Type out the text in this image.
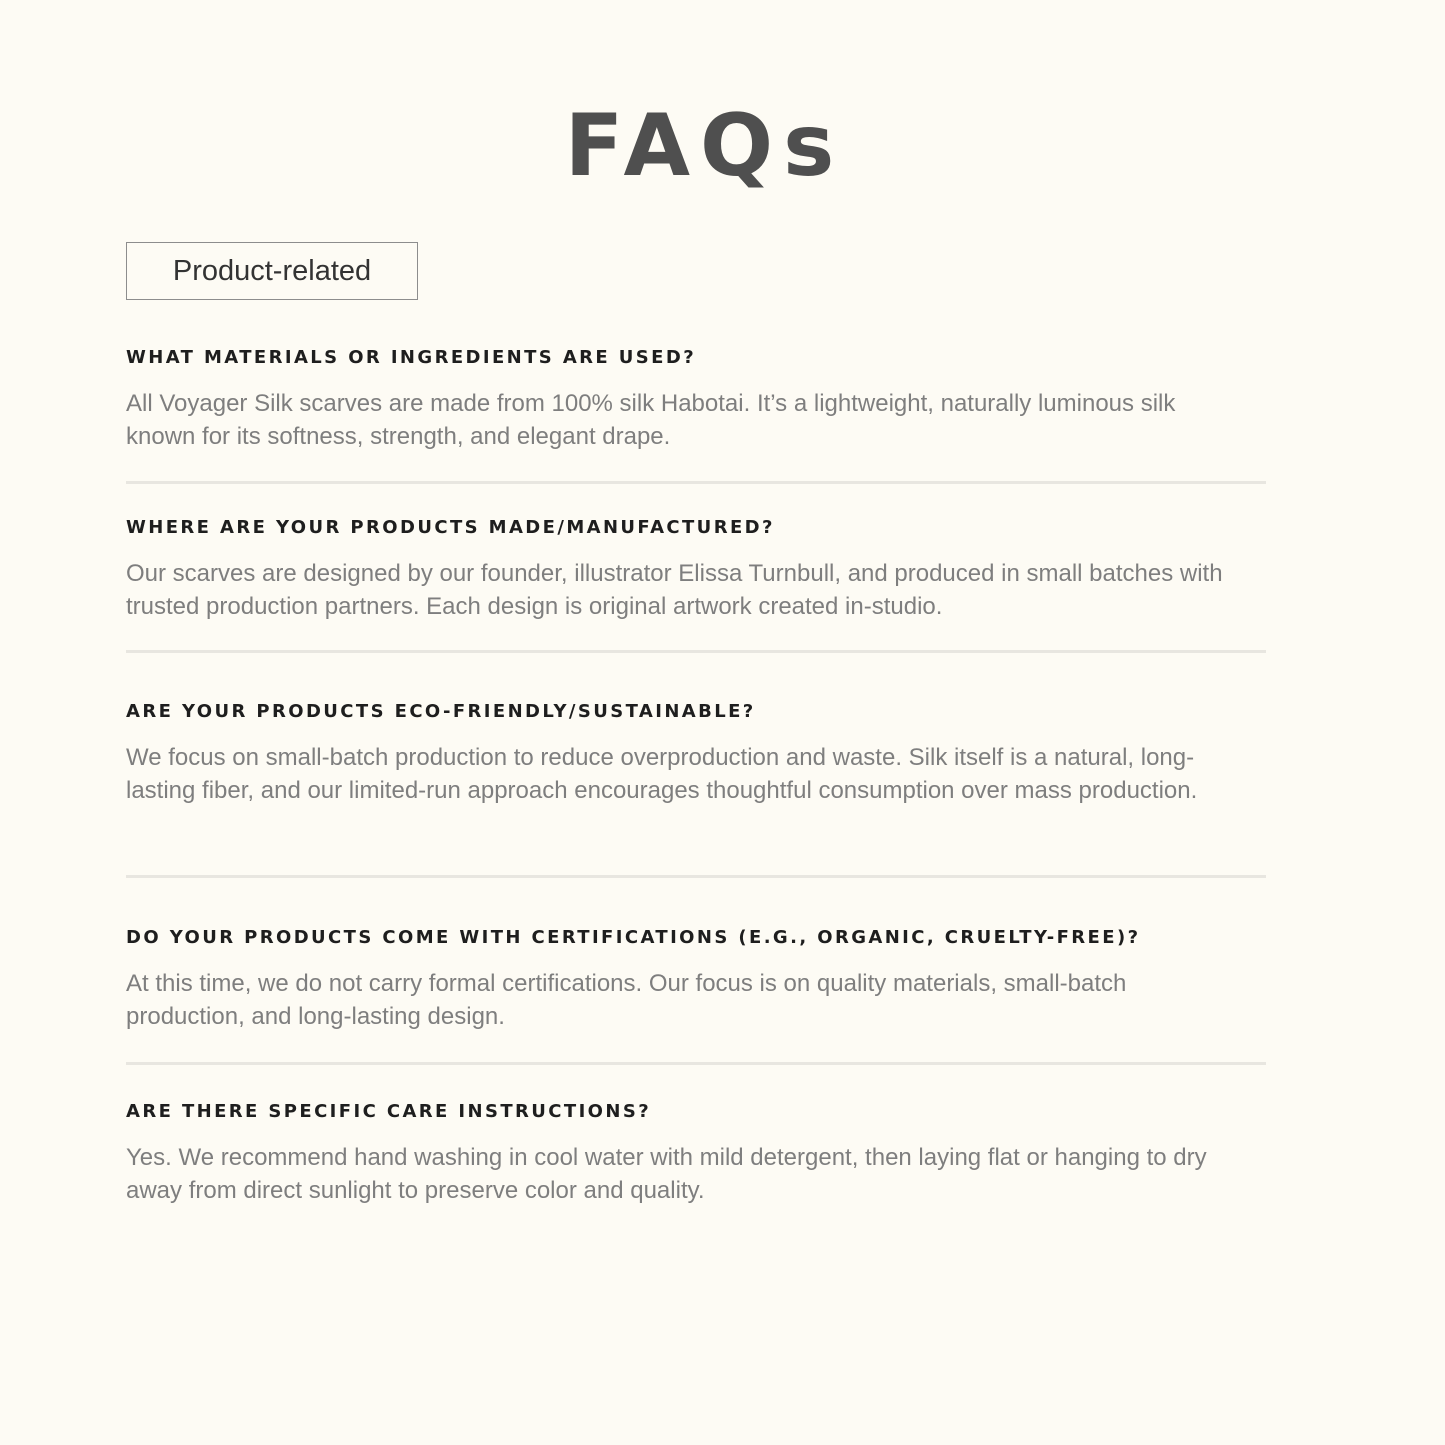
FAQs
Product-related
WHAT MATERIALS OR INGREDIENTS ARE USED?
All Voyager Silk scarves are made from 100% silk Habotai. It’s a lightweight, naturally luminous silk known for its softness, strength, and elegant drape.
WHERE ARE YOUR PRODUCTS MADE/MANUFACTURED?
Our scarves are designed by our founder, illustrator Elissa Turnbull, and produced in small batches with trusted production partners. Each design is original artwork created in-studio.
ARE YOUR PRODUCTS ECO-FRIENDLY/SUSTAINABLE?
We focus on small-batch production to reduce overproduction and waste. Silk itself is a natural, long-lasting fiber, and our limited-run approach encourages thoughtful consumption over mass production.
DO YOUR PRODUCTS COME WITH CERTIFICATIONS (E.G., ORGANIC, CRUELTY-FREE)?
At this time, we do not carry formal certifications. Our focus is on quality materials, small-batch production, and long-lasting design.
ARE THERE SPECIFIC CARE INSTRUCTIONS?
Yes. We recommend hand washing in cool water with mild detergent, then laying flat or hanging to dry away from direct sunlight to preserve color and quality.
